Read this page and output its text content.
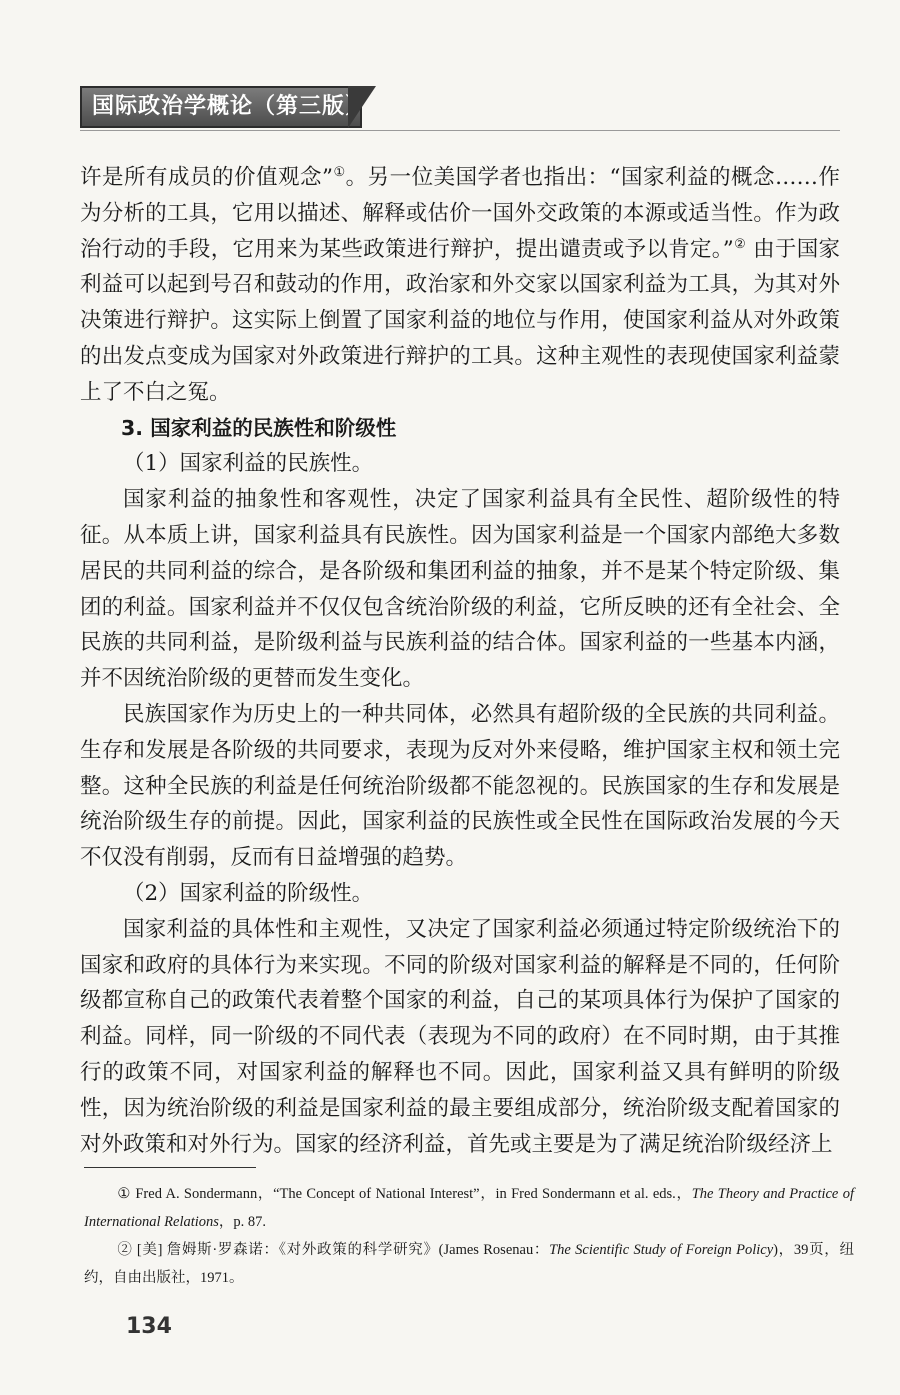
国际政治学概论（第三版）

许是所有成员的价值观念”①。另一位美国学者也指出：“国家利益的概念……作为分析的工具，它用以描述、解释或估价一国外交政策的本源或适当性。作为政治行动的手段，它用来为某些政策进行辩护，提出谴责或予以肯定。”② 由于国家利益可以起到号召和鼓动的作用，政治家和外交家以国家利益为工具，为其对外决策进行辩护。这实际上倒置了国家利益的地位与作用，使国家利益从对外政策的出发点变成为国家对外政策进行辩护的工具。这种主观性的表现使国家利益蒙上了不白之冤。

3. 国家利益的民族性和阶级性

（1）国家利益的民族性。

国家利益的抽象性和客观性，决定了国家利益具有全民性、超阶级性的特征。从本质上讲，国家利益具有民族性。因为国家利益是一个国家内部绝大多数居民的共同利益的综合，是各阶级和集团利益的抽象，并不是某个特定阶级、集团的利益。国家利益并不仅仅包含统治阶级的利益，它所反映的还有全社会、全民族的共同利益，是阶级利益与民族利益的结合体。国家利益的一些基本内涵，并不因统治阶级的更替而发生变化。

民族国家作为历史上的一种共同体，必然具有超阶级的全民族的共同利益。生存和发展是各阶级的共同要求，表现为反对外来侵略，维护国家主权和领土完整。这种全民族的利益是任何统治阶级都不能忽视的。民族国家的生存和发展是统治阶级生存的前提。因此，国家利益的民族性或全民性在国际政治发展的今天不仅没有削弱，反而有日益增强的趋势。

（2）国家利益的阶级性。

国家利益的具体性和主观性，又决定了国家利益必须通过特定阶级统治下的国家和政府的具体行为来实现。不同的阶级对国家利益的解释是不同的，任何阶级都宣称自己的政策代表着整个国家的利益，自己的某项具体行为保护了国家的利益。同样，同一阶级的不同代表（表现为不同的政府）在不同时期，由于其推行的政策不同，对国家利益的解释也不同。因此，国家利益又具有鲜明的阶级性，因为统治阶级的利益是国家利益的最主要组成部分，统治阶级支配着国家的对外政策和对外行为。国家的经济利益，首先或主要是为了满足统治阶级经济上

① Fred A. Sondermann，“The Concept of National Interest”，in Fred Sondermann et al. eds.，The Theory and Practice of International Relations，p. 87.

② [美] 詹姆斯·罗森诺：《对外政策的科学研究》(James Rosenau：The Scientific Study of Foreign Policy)，39页，纽约，自由出版社，1971。

134
